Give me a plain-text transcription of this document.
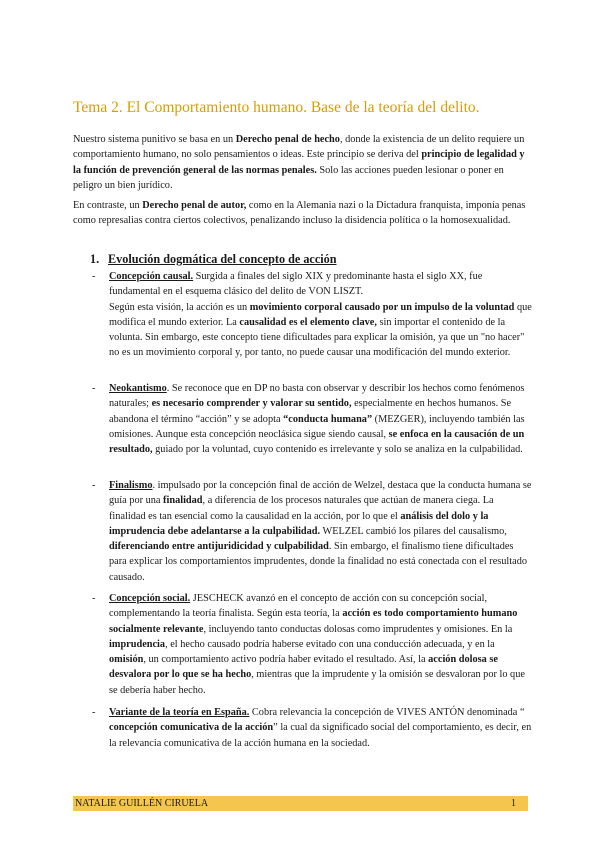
Tema 2. El Comportamiento humano. Base de la teoría del delito.
Nuestro sistema punitivo se basa en un Derecho penal de hecho, donde la existencia de un delito requiere un comportamiento humano, no solo pensamientos o ideas. Este principio se deriva del principio de legalidad y la función de prevención general de las normas penales. Solo las acciones pueden lesionar o poner en peligro un bien jurídico.
En contraste, un Derecho penal de autor, como en la Alemania nazi o la Dictadura franquista, imponía penas como represalias contra ciertos colectivos, penalizando incluso la disidencia política o la homosexualidad.
1. Evolución dogmática del concepto de acción
-	Concepción causal. Surgida a finales del siglo XIX y predominante hasta el siglo XX, fue fundamental en el esquema clásico del delito de VON LISZT.
Según esta visión, la acción es un movimiento corporal causado por un impulso de la voluntad que modifica el mundo exterior. La causalidad es el elemento clave, sin importar el contenido de la volunta. Sin embargo, este concepto tiene dificultades para explicar la omisión, ya que un "no hacer" no es un movimiento corporal y, por tanto, no puede causar una modificación del mundo exterior.
-	Neokantismo. Se reconoce que en DP no basta con observar y describir los hechos como fenómenos naturales; es necesario comprender y valorar su sentido, especialmente en hechos humanos. Se abandona el término “acción” y se adopta “conducta humana” (MEZGER), incluyendo también las omisiones. Aunque esta concepción neoclásica sigue siendo causal, se enfoca en la causación de un resultado, guiado por la voluntad, cuyo contenido es irrelevante y solo se analiza en la culpabilidad.
-	Finalismo. impulsado por la concepción final de acción de Welzel, destaca que la conducta humana se guía por una finalidad, a diferencia de los procesos naturales que actúan de manera ciega. La finalidad es tan esencial como la causalidad en la acción, por lo que el análisis del dolo y la imprudencia debe adelantarse a la culpabilidad. WELZEL cambió los pilares del causalismo, diferenciando entre antijuridicidad y culpabilidad. Sin embargo, el finalismo tiene dificultades para explicar los comportamientos imprudentes, donde la finalidad no está conectada con el resultado causado.
-	Concepción social. JESCHECK avanzó en el concepto de acción con su concepción social, complementando la teoría finalista. Según esta teoría, la acción es todo comportamiento humano socialmente relevante, incluyendo tanto conductas dolosas como imprudentes y omisiones. En la imprudencia, el hecho causado podría haberse evitado con una conducción adecuada, y en la omisión, un comportamiento activo podría haber evitado el resultado. Así, la acción dolosa se desvalora por lo que se ha hecho, mientras que la imprudente y la omisión se desvaloran por lo que se debería haber hecho.
-	Variante de la teoría en España. Cobra relevancia la concepción de VIVES ANTÓN denominada “ concepción comunicativa de la acción” la cual da significado social del comportamiento, es decir, en la relevancia comunicativa de la acción humana en la sociedad.
NATALIE GUILLÉN CIRUELA	1
